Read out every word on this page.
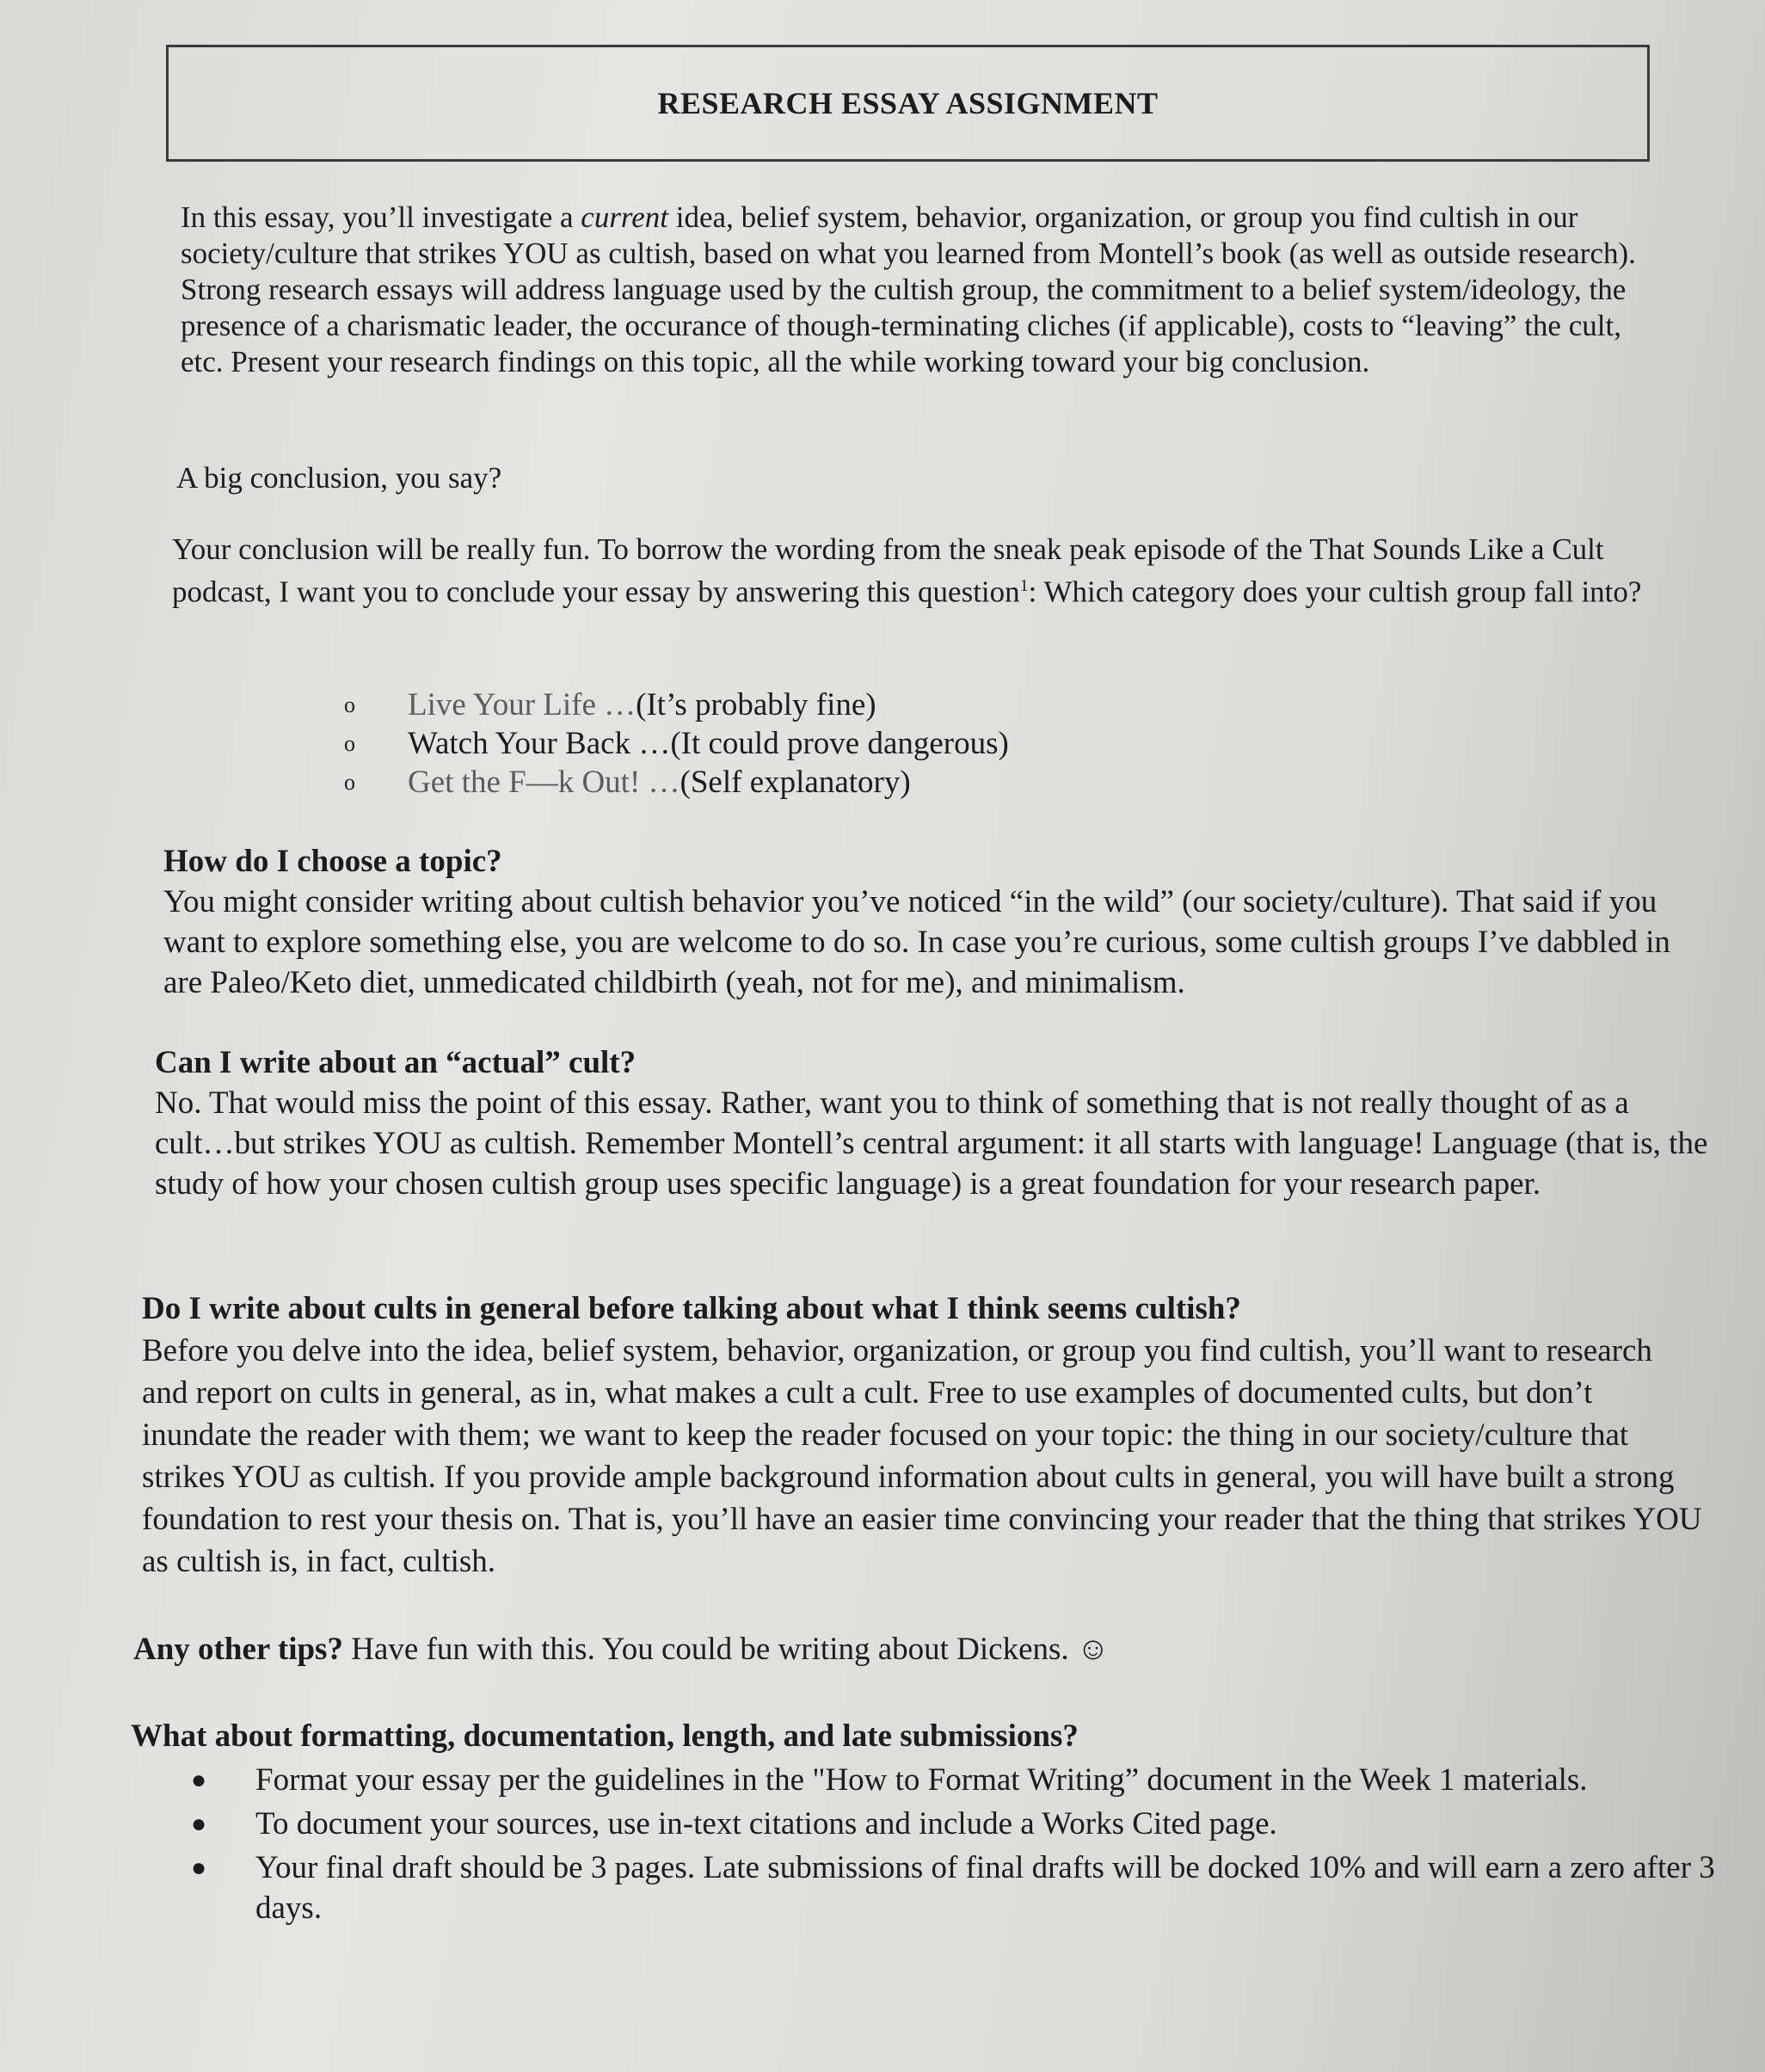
RESEARCH ESSAY ASSIGNMENT

In this essay, you’ll investigate a current idea, belief system, behavior, organization, or group you find cultish in our society/culture that strikes YOU as cultish, based on what you learned from Montell’s book (as well as outside research). Strong research essays will address language used by the cultish group, the commitment to a belief system/ideology, the presence of a charismatic leader, the occurance of though-terminating cliches (if applicable), costs to “leaving” the cult, etc. Present your research findings on this topic, all the while working toward your big conclusion.

A big conclusion, you say?

Your conclusion will be really fun. To borrow the wording from the sneak peak episode of the That Sounds Like a Cult podcast, I want you to conclude your essay by answering this question$^1$: Which category does your cultish group fall into?

o	Live Your Life … (It’s probably fine)
o	Watch Your Back … (It could prove dangerous)
o	Get the F—k Out! … (Self explanatory)
How do I choose a topic?
You might consider writing about cultish behavior you’ve noticed “in the wild” (our society/culture). That said if you want to explore something else, you are welcome to do so. In case you’re curious, some cultish groups I’ve dabbled in are Paleo/Keto diet, unmedicated childbirth (yeah, not for me), and minimalism.
Can I write about an “actual” cult?
No. That would miss the point of this essay. Rather, want you to think of something that is not really thought of as a cult…but strikes YOU as cultish. Remember Montell’s central argument: it all starts with language! Language (that is, the study of how your chosen cultish group uses specific language) is a great foundation for your research paper.
Do I write about cults in general before talking about what I think seems cultish?
Before you delve into the idea, belief system, behavior, organization, or group you find cultish, you’ll want to research and report on cults in general, as in, what makes a cult a cult. Free to use examples of documented cults, but don’t inundate the reader with them; we want to keep the reader focused on your topic: the thing in our society/culture that strikes YOU as cultish. If you provide ample background information about cults in general, you will have built a strong foundation to rest your thesis on. That is, you’ll have an easier time convincing your reader that the thing that strikes YOU as cultish is, in fact, cultish.
Any other tips? Have fun with this. You could be writing about Dickens. ☺
What about formatting, documentation, length, and late submissions?
●	Format your essay per the guidelines in the "How to Format Writing” document in the Week 1 materials.
●	To document your sources, use in-text citations and include a Works Cited page.
●	Your final draft should be 3 pages. Late submissions of final drafts will be docked 10% and will earn a zero after 3 days.
